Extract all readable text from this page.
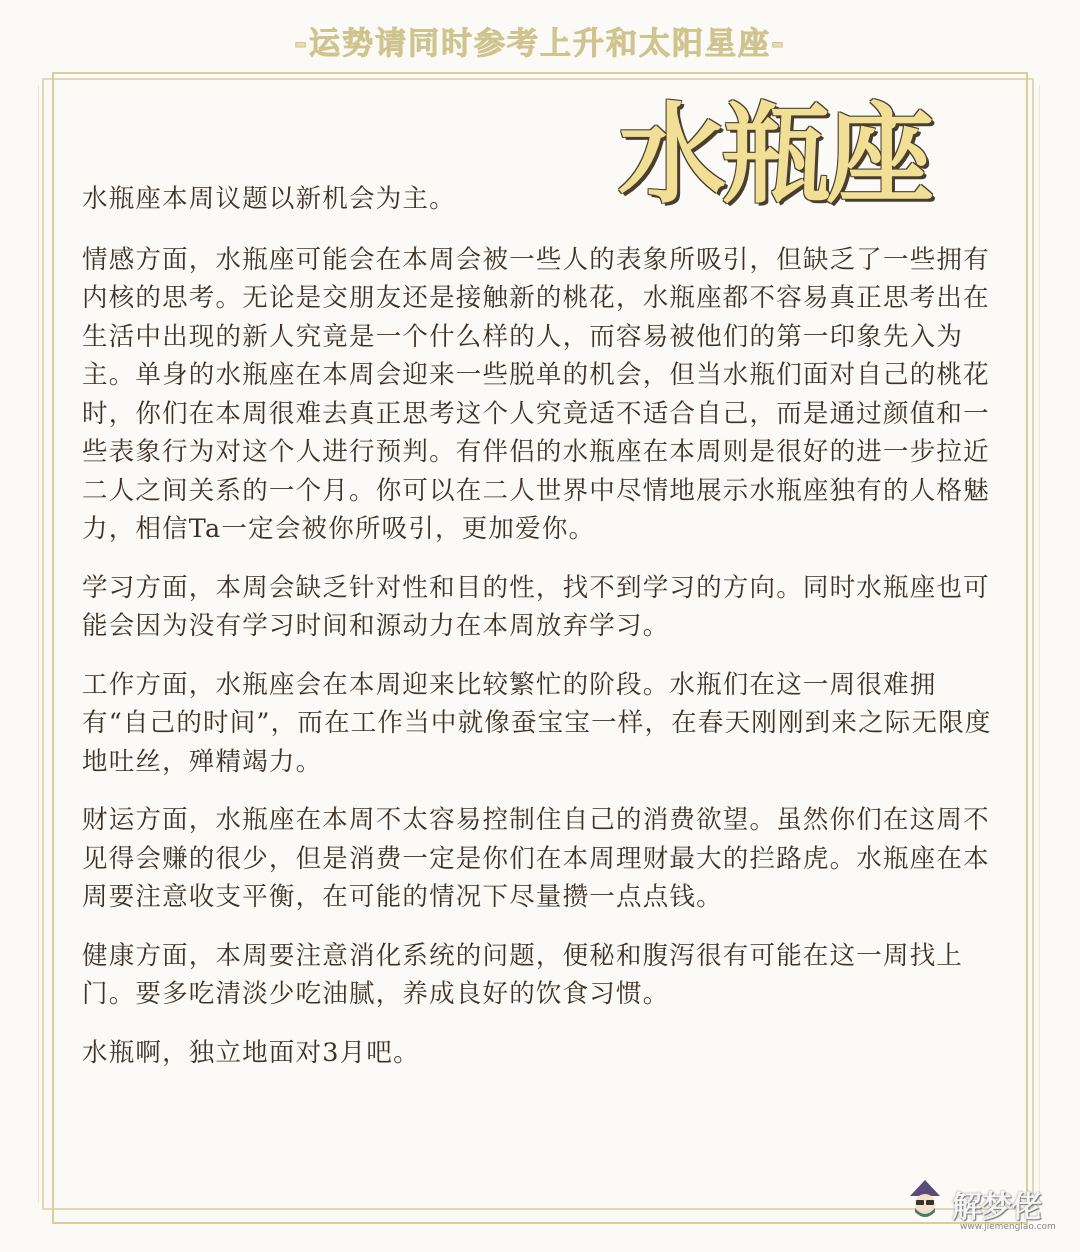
-运势请同时参考上升和太阳星座-
水瓶座

水瓶座本周议题以新机会为主。

情感方面，水瓶座可能会在本周会被一些人的表象所吸引，但缺乏了一些拥有内核的思考。无论是交朋友还是接触新的桃花，水瓶座都不容易真正思考出在生活中出现的新人究竟是一个什么样的人，而容易被他们的第一印象先入为主。单身的水瓶座在本周会迎来一些脱单的机会，但当水瓶们面对自己的桃花时，你们在本周很难去真正思考这个人究竟适不适合自己，而是通过颜值和一些表象行为对这个人进行预判。有伴侣的水瓶座在本周则是很好的进一步拉近二人之间关系的一个月。你可以在二人世界中尽情地展示水瓶座独有的人格魅力，相信Ta一定会被你所吸引，更加爱你。

学习方面，本周会缺乏针对性和目的性，找不到学习的方向。同时水瓶座也可能会因为没有学习时间和源动力在本周放弃学习。

工作方面，水瓶座会在本周迎来比较繁忙的阶段。水瓶们在这一周很难拥有“自己的时间”，而在工作当中就像蚕宝宝一样，在春天刚刚到来之际无限度地吐丝，殚精竭力。

财运方面，水瓶座在本周不太容易控制住自己的消费欲望。虽然你们在这周不见得会赚的很少，但是消费一定是你们在本周理财最大的拦路虎。水瓶座在本周要注意收支平衡，在可能的情况下尽量攒一点点钱。

健康方面，本周要注意消化系统的问题，便秘和腹泻很有可能在这一周找上门。要多吃清淡少吃油腻，养成良好的饮食习惯。

水瓶啊，独立地面对3月吧。

解梦佬
www.jiemenglao.com
